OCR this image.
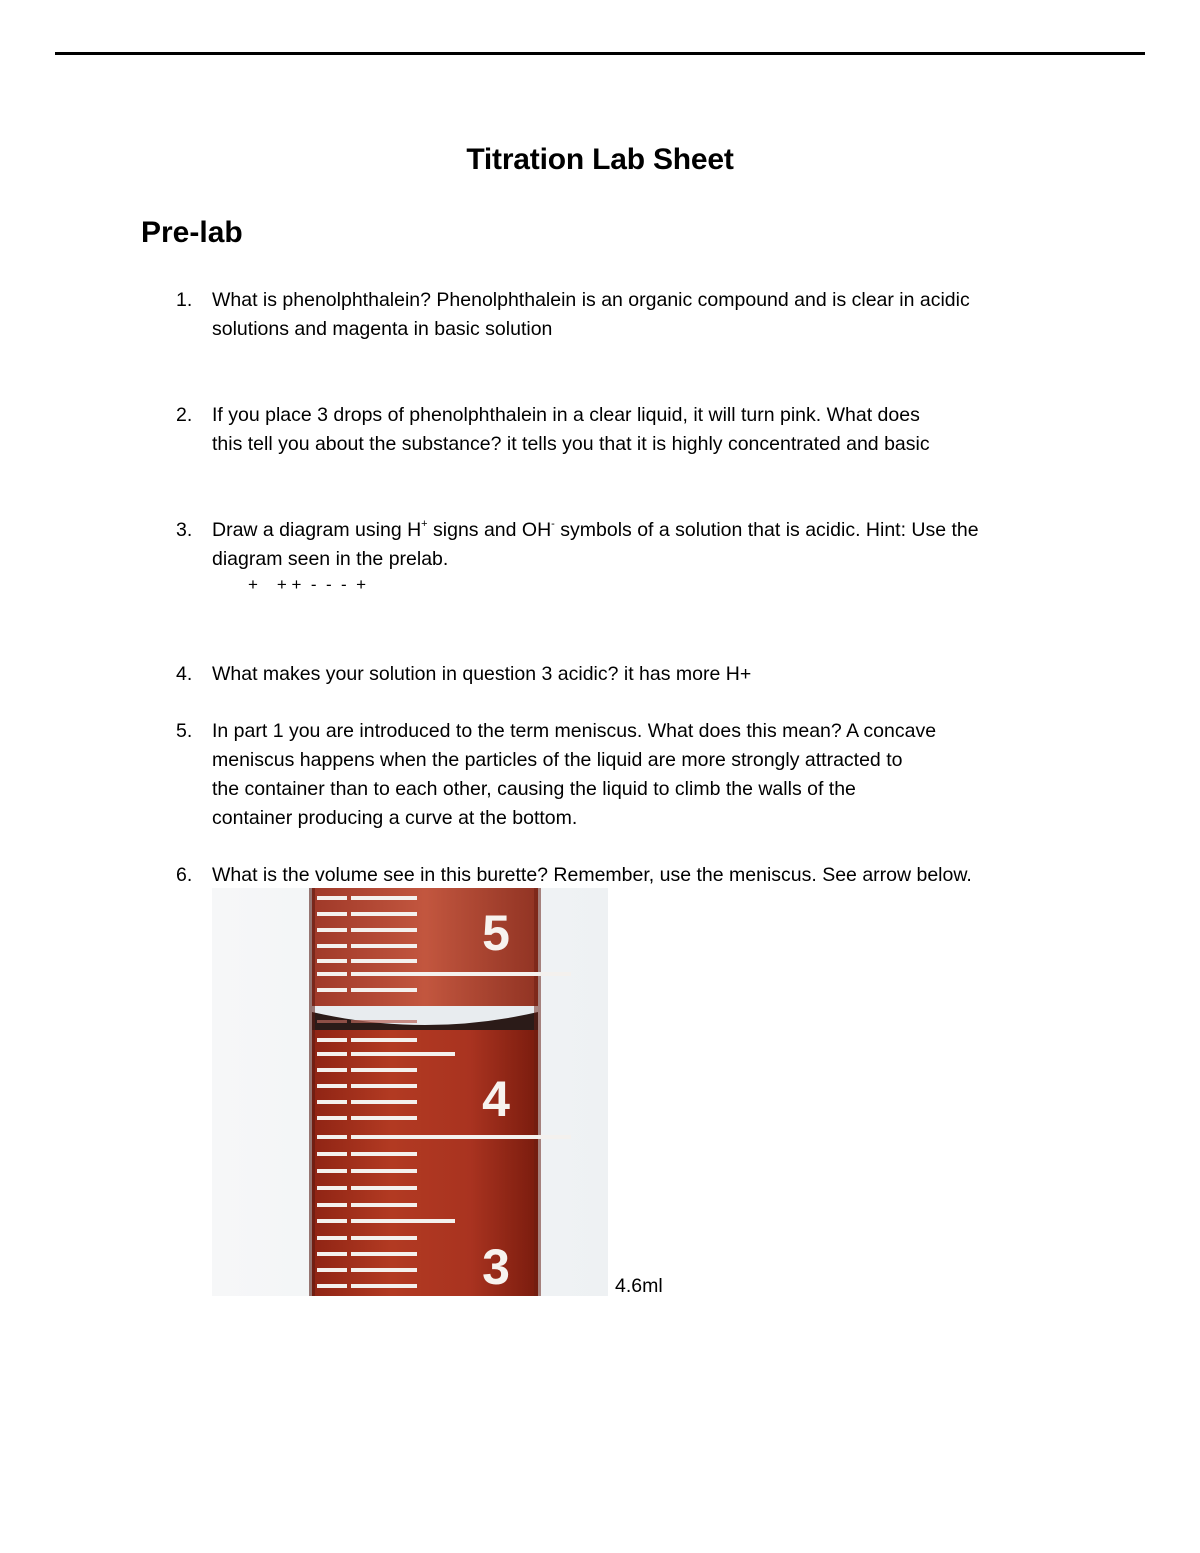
Titration Lab Sheet
Pre-lab
1. What is phenolphthalein? Phenolphthalein is an organic compound and is clear in acidic

solutions and magenta in basic solution

2. If you place 3 drops of phenolphthalein in a clear liquid, it will turn pink. What does

this tell you about the substance? it tells you that it is highly concentrated and basic

3. Draw a diagram using H+ signs and OH- symbols of a solution that is acidic. Hint: Use the

diagram seen in the prelab.

+    + +  -  -  -  +
4. What makes your solution in question 3 acidic? it has more H+

5. In part 1 you are introduced to the term meniscus. What does this mean? A concave

meniscus happens when the particles of the liquid are more strongly attracted to

the container than to each other, causing the liquid to climb the walls of the

container producing a curve at the bottom.

6. What is the volume see in this burette? Remember, use the meniscus. See arrow below.

5
4
3	4.6ml
